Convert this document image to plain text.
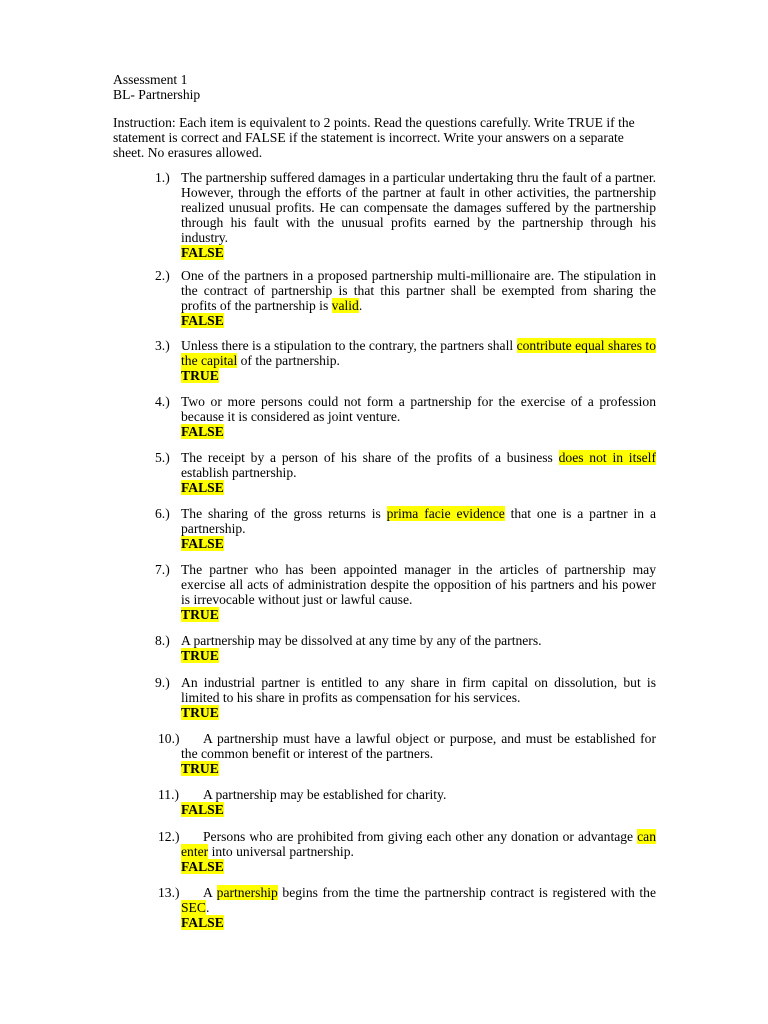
Assessment 1
BL- Partnership
Instruction: Each item is equivalent to 2 points. Read the questions carefully. Write TRUE if the statement is correct and FALSE if the statement is incorrect. Write your answers on a separate sheet. No erasures allowed.
1.) The partnership suffered damages in a particular undertaking thru the fault of a partner. However, through the efforts of the partner at fault in other activities, the partnership realized unusual profits. He can compensate the damages suffered by the partnership through his fault with the unusual profits earned by the partnership through his industry.
FALSE
2.) One of the partners in a proposed partnership multi-millionaire are. The stipulation in the contract of partnership is that this partner shall be exempted from sharing the profits of the partnership is valid.
FALSE
3.) Unless there is a stipulation to the contrary, the partners shall contribute equal shares to the capital of the partnership.
TRUE
4.) Two or more persons could not form a partnership for the exercise of a profession because it is considered as joint venture.
FALSE
5.) The receipt by a person of his share of the profits of a business does not in itself establish partnership.
FALSE
6.) The sharing of the gross returns is prima facie evidence that one is a partner in a partnership.
FALSE
7.) The partner who has been appointed manager in the articles of partnership may exercise all acts of administration despite the opposition of his partners and his power is irrevocable without just or lawful cause.
TRUE
8.) A partnership may be dissolved at any time by any of the partners.
TRUE
9.) An industrial partner is entitled to any share in firm capital on dissolution, but is limited to his share in profits as compensation for his services.
TRUE
10.)	A partnership must have a lawful object or purpose, and must be established for the common benefit or interest of the partners.
TRUE
11.)	A partnership may be established for charity.
FALSE
12.)	Persons who are prohibited from giving each other any donation or advantage can enter into universal partnership.
FALSE
13.)	A partnership begins from the time the partnership contract is registered with the SEC.
FALSE
